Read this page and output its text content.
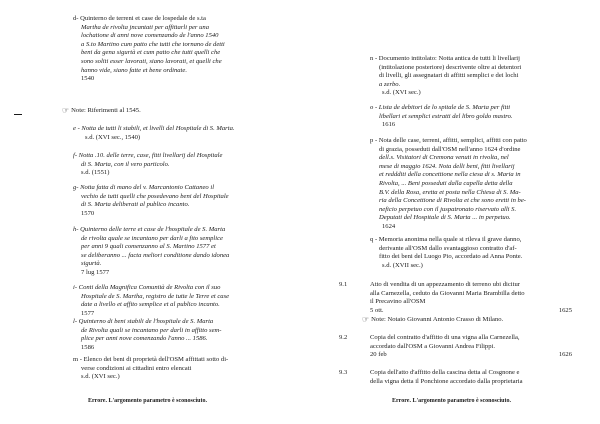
d- Quinterno de terreni et case de lospedale de s.ta
Martha de rivolta jncantati per affittarli per una
lochatione di anni nove comenzando de l'anno 1540
a S.to Martino cum patto che tutti che tornano de detti
beni da gena sigurtà et cum patto che tutti quelli che
sono soliti esser lavorati, siano lavorati, et quelli che
hanno vide, siano fatte et bene ordinate.
1540
☞ Note: Riferimenti al 1545.
e - Notta de tutti li stabili, et livelli del Hospitale di S. Marta.
s.d. (XVI sec., 1540)
f- Notta .10. delle terre, case, fitti livellarij del Hospitale
di S. Marta, con il vero particolo.
s.d. (1551)
g- Notta fatta di mano del v. Marcantonio Cattaneo il
vechio de tutti quelli che posedevano beni del Hospitale
di S. Marta deliberati al publico incanto.
1570
h- Quinterno delle terre et case de l'hospitale de S. Marta
de rivolta quale se incantano per darli a fito semplice
per anni 9 quali comenzanno al S. Martino 1577 et
se deliberanno ... facta meliori conditione dando idonea
sigurtà.
7 lug 1577
i- Conti della Magnifica Comunità de Rivolta con il suo
Hospitale de S. Martha, registro de tutte le Terre et case
date a livello et affito semplice et al publico incanto.
1577
l- Quinterno di beni stabili de l'hospitale de S. Marta
de Rivolta quali se incantano per darli in affitto sem-
plice per anni nove comenzando l'anno ... 1586.
1586
m - Elenco dei beni di proprietà dell'OSM affittati sotto di-
verse condizioni ai cittadini entro elencati
s.d. (XVI sec.)
Errore. L'argomento parametro è sconosciuto.
n - Documento intitolato: Notta antica de tutti li livellarij
(intitolazione posteriore) descrivente oltre ai detentori
di livelli, gli assegnatari di affitti semplici e dei lochi
a zerbo.
s.d. (XVI sec.)
o - Lista de debitori de lo spitale de S. Marta per fitti
libellari et semplici estratti del libro goldo mastro.
1616
p - Nota delle case, terreni, affitti, semplici, affitti con patto
di grazia, posseduti dall'OSM nell'anno 1624 d'ordine
dell.s. Visitatori di Cremona venuti in rivolta, nel
mese di maggio 1624. Nota delli beni, fitti livellarij
et reddditi della concettione nella ciesa di s. Maria in
Rivolta, ... Beni posseduti dalla capella detta della
B.V. della Rosa, eretta et posta nella Chiesa di S. Ma-
ria della Concettione di Rivolta et che sono eretti in be-
neficio perpetuo con il juspatronato riservato alli S.
Deputati del Hospitale di S. Marta ... in perpetuo.
1624
q - Memoria anonima nella quale si rileva il grave danno,
derivante all'OSM dallo svantaggioso contratto d'af-
fitto dei beni del Luogo Pio, accordato ad Anna Ponte.
s.d. (XVII sec.)
9.1	Atto di vendita di un appezzamento di terreno ubi dicitur
alla Carnezella, ceduto da Giovanni Maria Brambilla detto
il Precavino all'OSM
5 ott.	1625
☞ Note: Notaio Giovanni Antonio Crasso di Milano.
9.2	Copia del contratto d'affitto di una vigna alla Carnezella,
accordato dall'OSM a Giovanni Andrea Filippi.
20 feb	1626
9.3	Copia dell'atto d'affitto della cascina detta al Cosgnone e
della vigna detta il Ponchione accordato dalla proprietaria
Errore. L'argomento parametro è sconosciuto.
